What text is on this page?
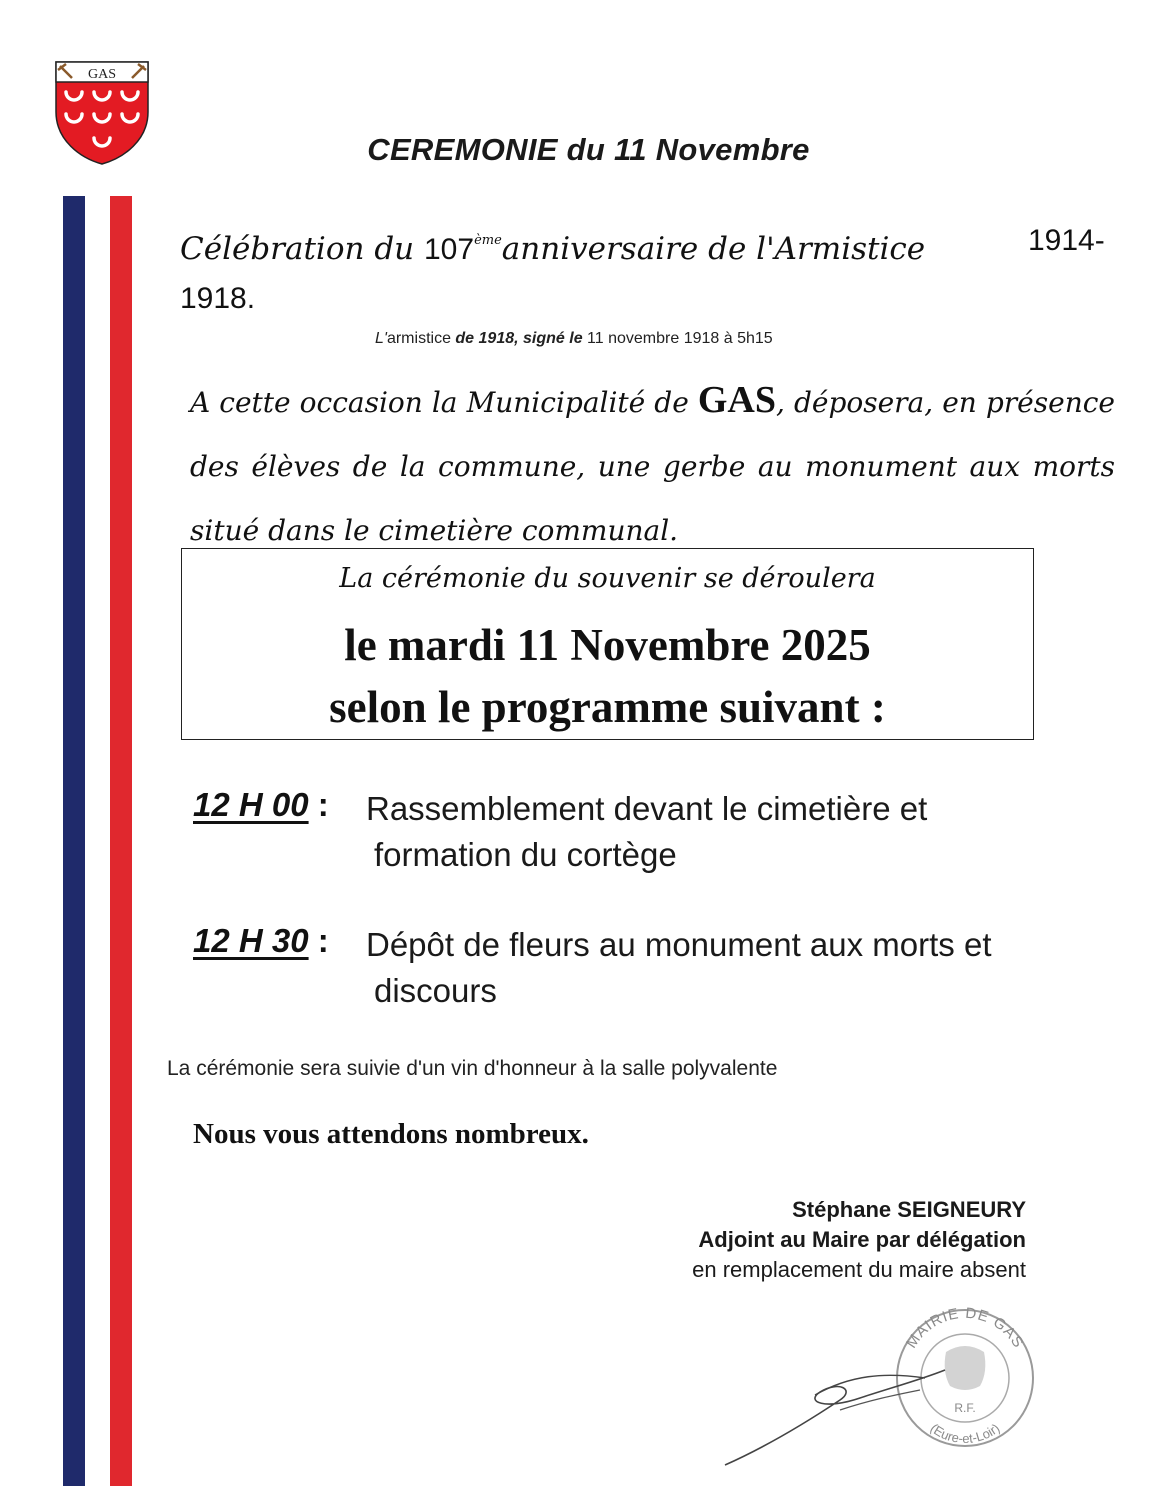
GAS
CEREMONIE du 11 Novembre
Célébration du 107èmeanniversaire de l'Armistice	1914-
1918.
L'armistice de 1918, signé le 11 novembre 1918 à 5h15
A cette occasion la Municipalité de GAS, déposera, en présence des élèves de la commune, une gerbe au monument aux morts situé dans le cimetière communal.
La cérémonie du souvenir se déroulera
le mardi 11 Novembre 2025
selon le programme suivant :
12 H 00 : Rassemblement devant le cimetière et
formation du cortège
12 H 30 : Dépôt de fleurs au monument aux morts et
discours
La cérémonie sera suivie d'un vin d'honneur à la salle polyvalente
Nous vous attendons nombreux.
Stéphane SEIGNEURY
Adjoint au Maire par délégation
en remplacement du maire absent
MAIRIE DE GAS
(Eure-et-Loir)
R.F.
